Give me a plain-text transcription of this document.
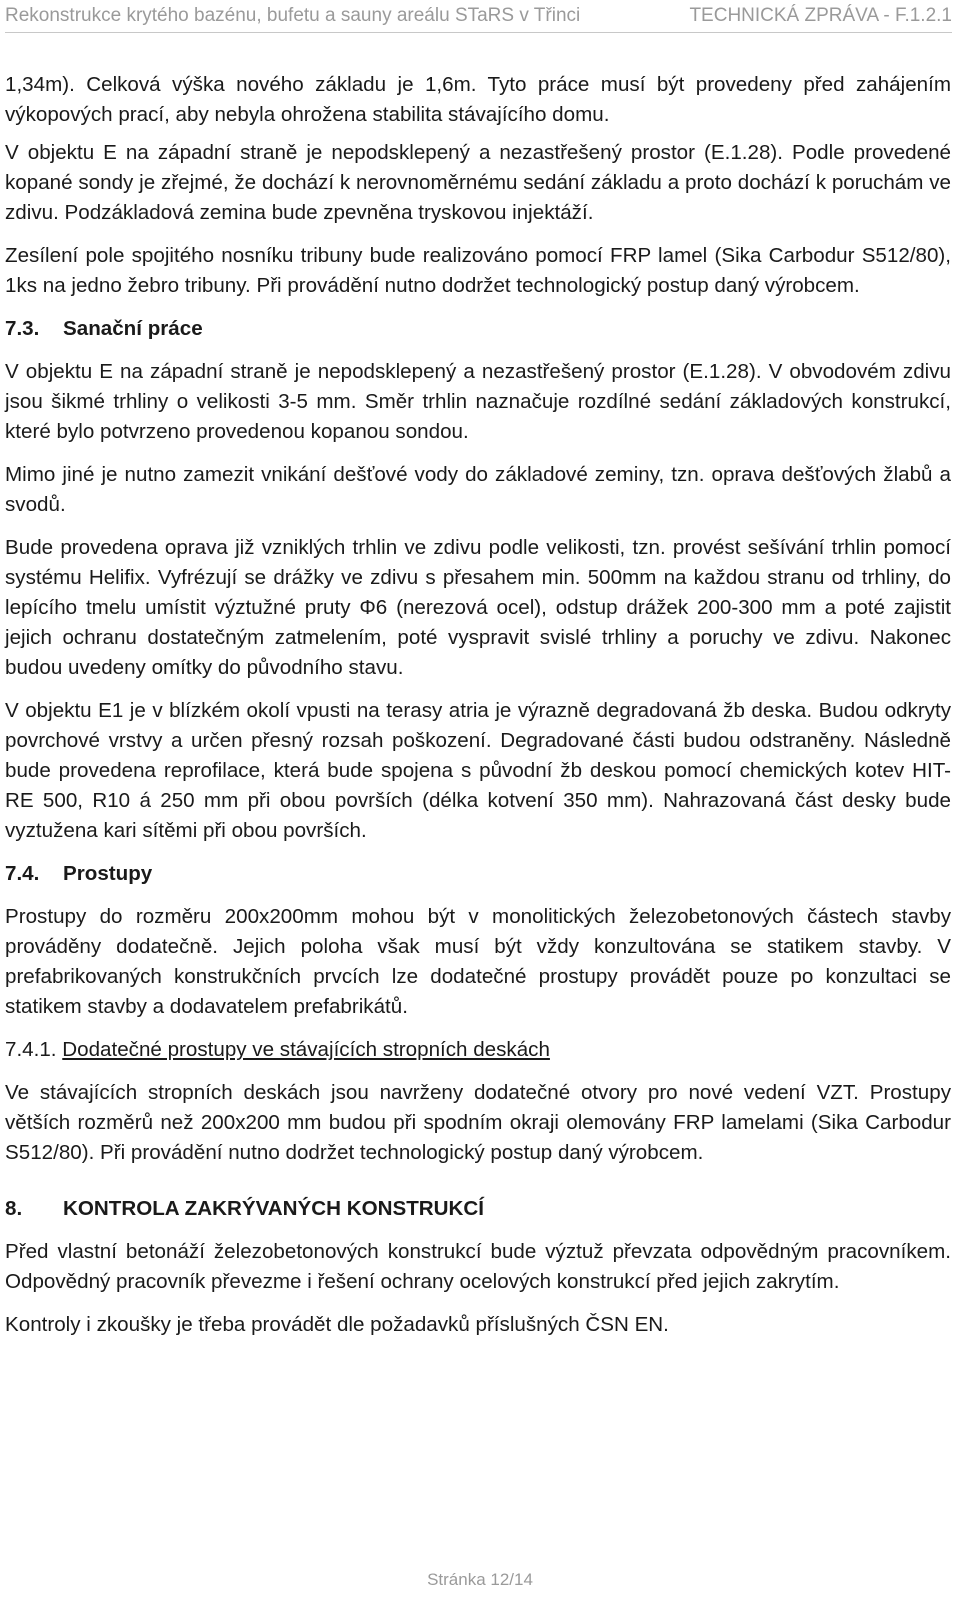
Rekonstrukce krytého bazénu, bufetu a sauny areálu STaRS v Třinci	TECHNICKÁ ZPRÁVA - F.1.2.1

1,34m). Celková výška nového základu je 1,6m. Tyto práce musí být provedeny před zahájením výkopových prací, aby nebyla ohrožena stabilita stávajícího domu.

V objektu E na západní straně je nepodsklepený a nezastřešený prostor (E.1.28). Podle provedené kopané sondy je zřejmé, že dochází k nerovnoměrnému sedání základu a proto dochází k poruchám ve zdivu. Podzákladová zemina bude zpevněna tryskovou injektáží.

Zesílení pole spojitého nosníku tribuny bude realizováno pomocí FRP lamel (Sika Carbodur S512/80), 1ks na jedno žebro tribuny. Při provádění nutno dodržet technologický postup daný výrobcem.

7.3. Sanační práce

V objektu E na západní straně je nepodsklepený a nezastřešený prostor (E.1.28). V obvodovém zdivu jsou šikmé trhliny o velikosti 3-5 mm. Směr trhlin naznačuje rozdílné sedání základových konstrukcí, které bylo potvrzeno provedenou kopanou sondou.

Mimo jiné je nutno zamezit vnikání dešťové vody do základové zeminy, tzn. oprava dešťových žlabů a svodů.

Bude provedena oprava již vzniklých trhlin ve zdivu podle velikosti, tzn. provést sešívání trhlin pomocí systému Helifix. Vyfrézují se drážky ve zdivu s přesahem min. 500mm na každou stranu od trhliny, do lepícího tmelu umístit výztužné pruty Φ6 (nerezová ocel), odstup drážek 200-300 mm a poté zajistit jejich ochranu dostatečným zatmelením, poté vyspravit svislé trhliny a poruchy ve zdivu. Nakonec budou uvedeny omítky do původního stavu.

V objektu E1 je v blízkém okolí vpusti na terasy atria je výrazně degradovaná žb deska. Budou odkryty povrchové vrstvy a určen přesný rozsah poškození. Degradované části budou odstraněny. Následně bude provedena reprofilace, která bude spojena s původní žb deskou pomocí chemických kotev HIT-RE 500, R10 á 250 mm při obou površích (délka kotvení 350 mm). Nahrazovaná část desky bude vyztužena kari sítěmi při obou površích.

7.4. Prostupy

Prostupy do rozměru 200x200mm mohou být v monolitických železobetonových částech stavby prováděny dodatečně. Jejich poloha však musí být vždy konzultována se statikem stavby. V prefabrikovaných konstrukčních prvcích lze dodatečné prostupy provádět pouze po konzultaci se statikem stavby a dodavatelem prefabrikátů.

7.4.1. Dodatečné prostupy ve stávajících stropních deskách

Ve stávajících stropních deskách jsou navrženy dodatečné otvory pro nové vedení VZT. Prostupy větších rozměrů než 200x200 mm budou při spodním okraji olemovány FRP lamelami (Sika Carbodur S512/80). Při provádění nutno dodržet technologický postup daný výrobcem.

8. KONTROLA ZAKRÝVANÝCH KONSTRUKCÍ

Před vlastní betonáží železobetonových konstrukcí bude výztuž převzata odpovědným pracovníkem. Odpovědný pracovník převezme i řešení ochrany ocelových konstrukcí před jejich zakrytím.

Kontroly i zkoušky je třeba provádět dle požadavků příslušných ČSN EN.

Stránka 12/14
